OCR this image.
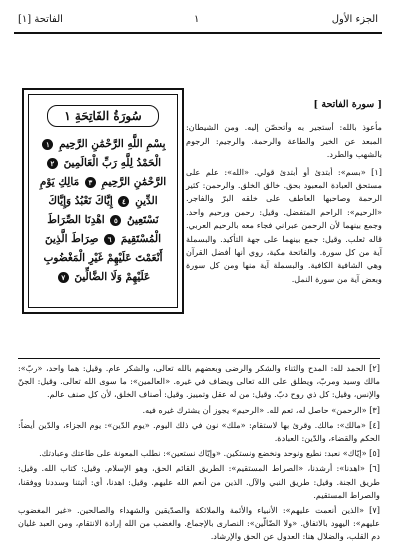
الجزء الأول
١
الفاتحة [١]
سُورَةُ الفَاتِحَةِ ١
بِسْمِ اللَّهِ الرَّحْمَٰنِ الرَّحِيمِ ١ الْحَمْدُ لِلَّهِ رَبِّ الْعَالَمِينَ ٢ الرَّحْمَٰنِ الرَّحِيمِ ٣ مَالِكِ يَوْمِ الدِّينِ ٤ إِيَّاكَ نَعْبُدُ وَإِيَّاكَ نَسْتَعِينُ ٥ اهْدِنَا الصِّرَاطَ الْمُسْتَقِيمَ ٦ صِرَاطَ الَّذِينَ أَنْعَمْتَ عَلَيْهِمْ غَيْرِ الْمَغْضُوبِ عَلَيْهِمْ وَلَا الضَّالِّينَ ٧
[ سورة الفاتحة ]

مأعوذ بالله: أستجير به وأتحصّن إليه. ومن الشيطان: المبعد عن الخير والطاعة والرحمة. والرجيم: الرجوم بالشهب والطرد.

[١] «بسم»: أبتدئ أو أبتدئ قولي. «الله»: علم على مستحق العبادة المعبود بحق. خالق الخلق. والرحمن: كثير الرحمة وصاحبها العاطف على خلقه البرّ والفاجر. «الرحيم»: الراحم المتفضل. وقيل: رحمن ورحيم واحد. وجمع بينهما لأن الرحمن عبراني فجاء معه بالرحيم العربي. قاله ثعلب. وقيل: جمع بينهما على جهة التأكيد. والبسملة آية من كل سورة. والفاتحة مكية، روي أنها أفضل القرآن وهي الشافية الكافية. والبسملة آية منها ومن كل سورة وبعض آية من سورة النمل.

[٢] الحمد لله: المدح والثناء والشكر والرضى وبعضهم بالله تعالى، والشكر عام. وقيل: هما واحد، «ربّ»: مالك وسيد ومربّ، ويطلق على الله تعالى ويضاف في غيره. «العالمين»: ما سوى الله تعالى. وقيل: الجنّ والإنس، وقيل: كل ذي روح دبّ. وقيل: من له عقل وتمييز. وقيل: أصناف الخلق، لأن كل صنف عالم.

[٣] «الرحمن» حاصل له، تعم لله. «الرحيم» يجوز أن يشترك غيره فيه.

[٤] «مالك»: مالك. وقرئ بها لاستقام: «ملك» نون في ذلك اليوم. «يوم الدّين»: يوم الجزاء، والدّين أيضاً: الحكم والقضاء، والدّين: العبادة.

[٥] «إيّاك» نعبد: نطيع ونوحد ونخضع ونستكين. «وإيّاك نستعين»: نطلب المعونة على طاعتك وعبادتك.

[٦] «اهدنا»: أرشدنا، «الصراط المستقيم»: الطريق القائم الحق، وهو الإسلام. وقيل: كتاب الله. وقيل: طريق الجنة. وقيل: طريق النبي والآل. الذين من أنعم الله عليهم. وقيل: اهدنا، أي: أثبتنا وسددنا ووفقنا، والصراط المستقيم.

[٧] «الذين أنعمت عليهم»: الأنبياء والأئمة والملائكة والصدّيقين والشهداء والصالحين. «غير المغضوب عليهم»: اليهود بالاتفاق. «ولا الضّالّين»: النصارى بالإجماع. والغضب من الله إرادة الانتقام، ومن العبد غليان دم القلب، والضلال هنا: العدول عن الحق والإرشاد.
